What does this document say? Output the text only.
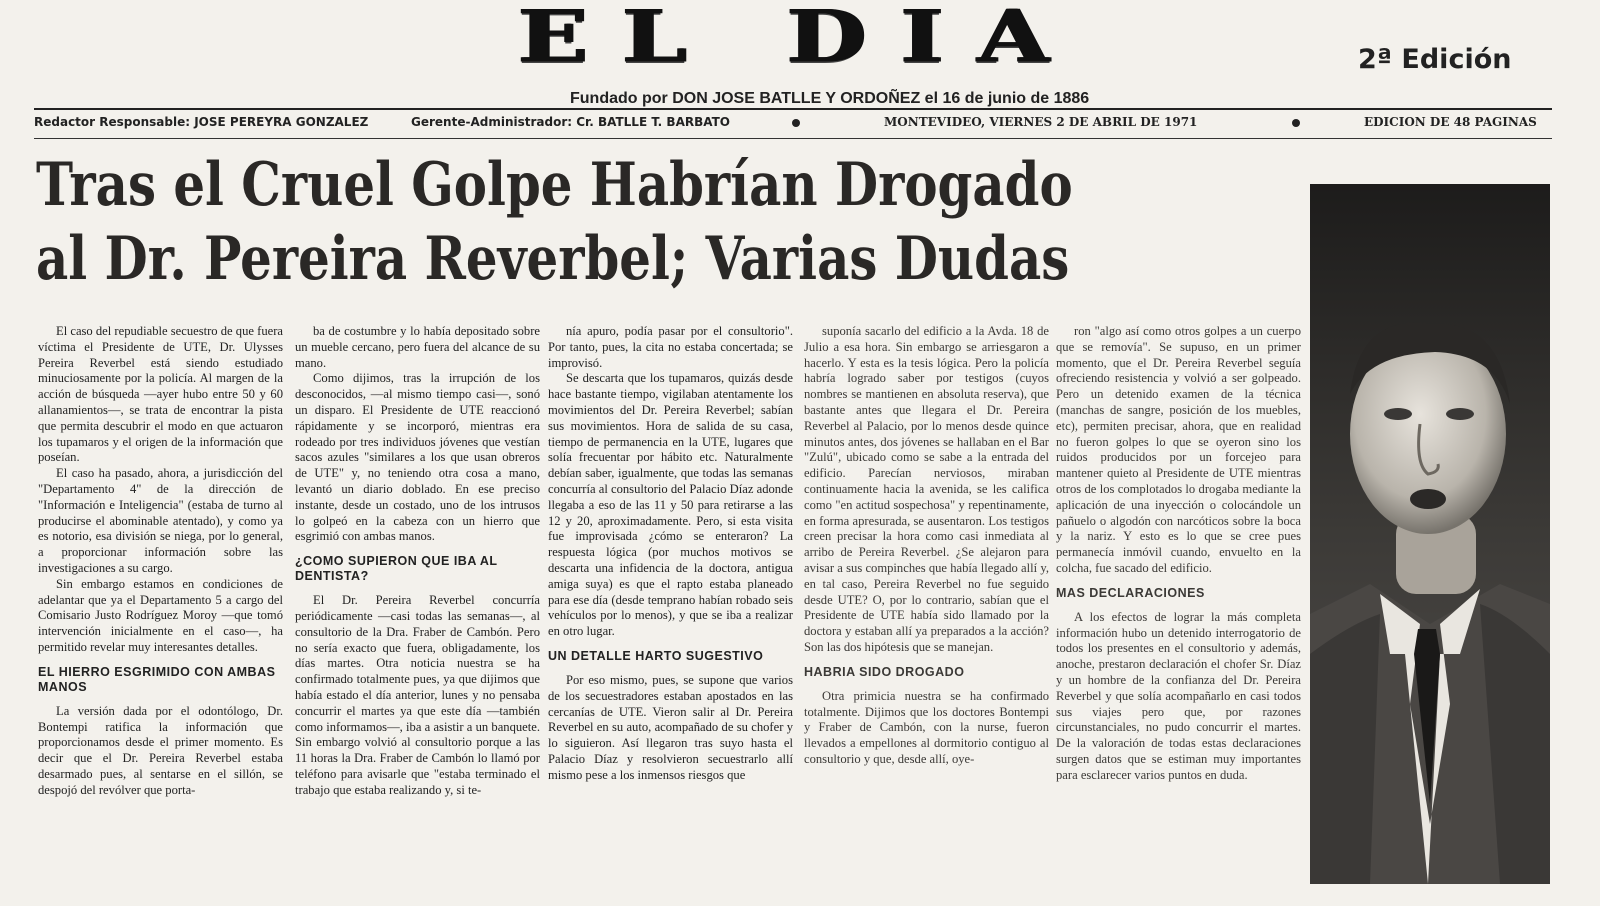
EL DIA	2ª Edición
Fundado por DON JOSE BATLLE Y ORDOÑEZ el 16 de junio de 1886
Redactor Responsable: JOSE PEREYRA GONZALEZ	Gerente-Administrador: Cr. BATLLE T. BARBATO	MONTEVIDEO, VIERNES 2 DE ABRIL DE 1971	EDICION DE 48 PAGINAS
Tras el Cruel Golpe Habrían Drogado
al Dr. Pereira Reverbel; Varias Dudas

El caso del repudiable secuestro de que fuera víctima el Presidente de UTE, Dr. Ulysses Pereira Reverbel está siendo estudiado minuciosamente por la policía. Al margen de la acción de búsqueda —ayer hubo entre 50 y 60 allanamientos—, se trata de encontrar la pista que permita descubrir el modo en que actuaron los tupamaros y el origen de la información que poseían.

El caso ha pasado, ahora, a jurisdicción del "Departamento 4" de la dirección de "Información e Inteligencia" (estaba de turno al producirse el abominable atentado), y como ya es notorio, esa división se niega, por lo general, a proporcionar información sobre las investigaciones a su cargo.

Sin embargo estamos en condiciones de adelantar que ya el Departamento 5 a cargo del Comisario Justo Rodríguez Moroy —que tomó intervención inicialmente en el caso—, ha permitido revelar muy interesantes detalles.

EL HIERRO ESGRIMIDO CON AMBAS MANOS

La versión dada por el odontólogo, Dr. Bontempi ratifica la información que proporcionamos desde el primer momento. Es decir que el Dr. Pereira Reverbel estaba desarmado pues, al sentarse en el sillón, se despojó del revólver que porta-

ba de costumbre y lo había depositado sobre un mueble cercano, pero fuera del alcance de su mano.

Como dijimos, tras la irrupción de los desconocidos, —al mismo tiempo casi—, sonó un disparo. El Presidente de UTE reaccionó rápidamente y se incorporó, mientras era rodeado por tres individuos jóvenes que vestían sacos azules "similares a los que usan obreros de UTE" y, no teniendo otra cosa a mano, levantó un diario doblado. En ese preciso instante, desde un costado, uno de los intrusos lo golpeó en la cabeza con un hierro que esgrimió con ambas manos.

¿COMO SUPIERON QUE IBA AL DENTISTA?

El Dr. Pereira Reverbel concurría periódicamente —casi todas las semanas—, al consultorio de la Dra. Fraber de Cambón. Pero no sería exacto que fuera, obligadamente, los días martes. Otra noticia nuestra se ha confirmado totalmente pues, ya que dijimos que había estado el día anterior, lunes y no pensaba concurrir el martes ya que este día —también como informamos—, iba a asistir a un banquete. Sin embargo volvió al consultorio porque a las 11 horas la Dra. Fraber de Cambón lo llamó por teléfono para avisarle que "estaba terminado el trabajo que estaba realizando y, si te-

nía apuro, podía pasar por el consultorio". Por tanto, pues, la cita no estaba concertada; se improvisó.

Se descarta que los tupamaros, quizás desde hace bastante tiempo, vigilaban atentamente los movimientos del Dr. Pereira Reverbel; sabían sus movimientos. Hora de salida de su casa, tiempo de permanencia en la UTE, lugares que solía frecuentar por hábito etc. Naturalmente debían saber, igualmente, que todas las semanas concurría al consultorio del Palacio Díaz adonde llegaba a eso de las 11 y 50 para retirarse a las 12 y 20, aproximadamente. Pero, si esta visita fue improvisada ¿cómo se enteraron? La respuesta lógica (por muchos motivos se descarta una infidencia de la doctora, antigua amiga suya) es que el rapto estaba planeado para ese día (desde temprano habían robado seis vehículos por lo menos), y que se iba a realizar en otro lugar.

UN DETALLE HARTO SUGESTIVO

Por eso mismo, pues, se supone que varios de los secuestradores estaban apostados en las cercanías de UTE. Vieron salir al Dr. Pereira Reverbel en su auto, acompañado de su chofer y lo siguieron. Así llegaron tras suyo hasta el Palacio Díaz y resolvieron secuestrarlo allí mismo pese a los inmensos riesgos que

suponía sacarlo del edificio a la Avda. 18 de Julio a esa hora. Sin embargo se arriesgaron a hacerlo. Y esta es la tesis lógica. Pero la policía habría logrado saber por testigos (cuyos nombres se mantienen en absoluta reserva), que bastante antes que llegara el Dr. Pereira Reverbel al Palacio, por lo menos desde quince minutos antes, dos jóvenes se hallaban en el Bar "Zulú", ubicado como se sabe a la entrada del edificio. Parecían nerviosos, miraban continuamente hacia la avenida, se les califica como "en actitud sospechosa" y repentinamente, en forma apresurada, se ausentaron. Los testigos creen precisar la hora como casi inmediata al arribo de Pereira Reverbel. ¿Se alejaron para avisar a sus compinches que había llegado allí y, en tal caso, Pereira Reverbel no fue seguido desde UTE? O, por lo contrario, sabían que el Presidente de UTE había sido llamado por la doctora y estaban allí ya preparados a la acción? Son las dos hipótesis que se manejan.

HABRIA SIDO DROGADO

Otra primicia nuestra se ha confirmado totalmente. Dijimos que los doctores Bontempi y Fraber de Cambón, con la nurse, fueron llevados a empellones al dormitorio contiguo al consultorio y que, desde allí, oye-

ron "algo así como otros golpes a un cuerpo que se removía". Se supuso, en un primer momento, que el Dr. Pereira Reverbel seguía ofreciendo resistencia y volvió a ser golpeado. Pero un detenido examen de la técnica (manchas de sangre, posición de los muebles, etc), permiten precisar, ahora, que en realidad no fueron golpes lo que se oyeron sino los ruidos producidos por un forcejeo para mantener quieto al Presidente de UTE mientras otros de los complotados lo drogaba mediante la aplicación de una inyección o colocándole un pañuelo o algodón con narcóticos sobre la boca y la nariz. Y esto es lo que se cree pues permanecía inmóvil cuando, envuelto en la colcha, fue sacado del edificio.

MAS DECLARACIONES

A los efectos de lograr la más completa información hubo un detenido interrogatorio de todos los presentes en el consultorio y además, anoche, prestaron declaración el chofer Sr. Díaz y un hombre de la confianza del Dr. Pereira Reverbel y que solía acompañarlo en casi todos sus viajes pero que, por razones circunstanciales, no pudo concurrir el martes. De la valoración de todas estas declaraciones surgen datos que se estiman muy importantes para esclarecer varios puntos en duda.
